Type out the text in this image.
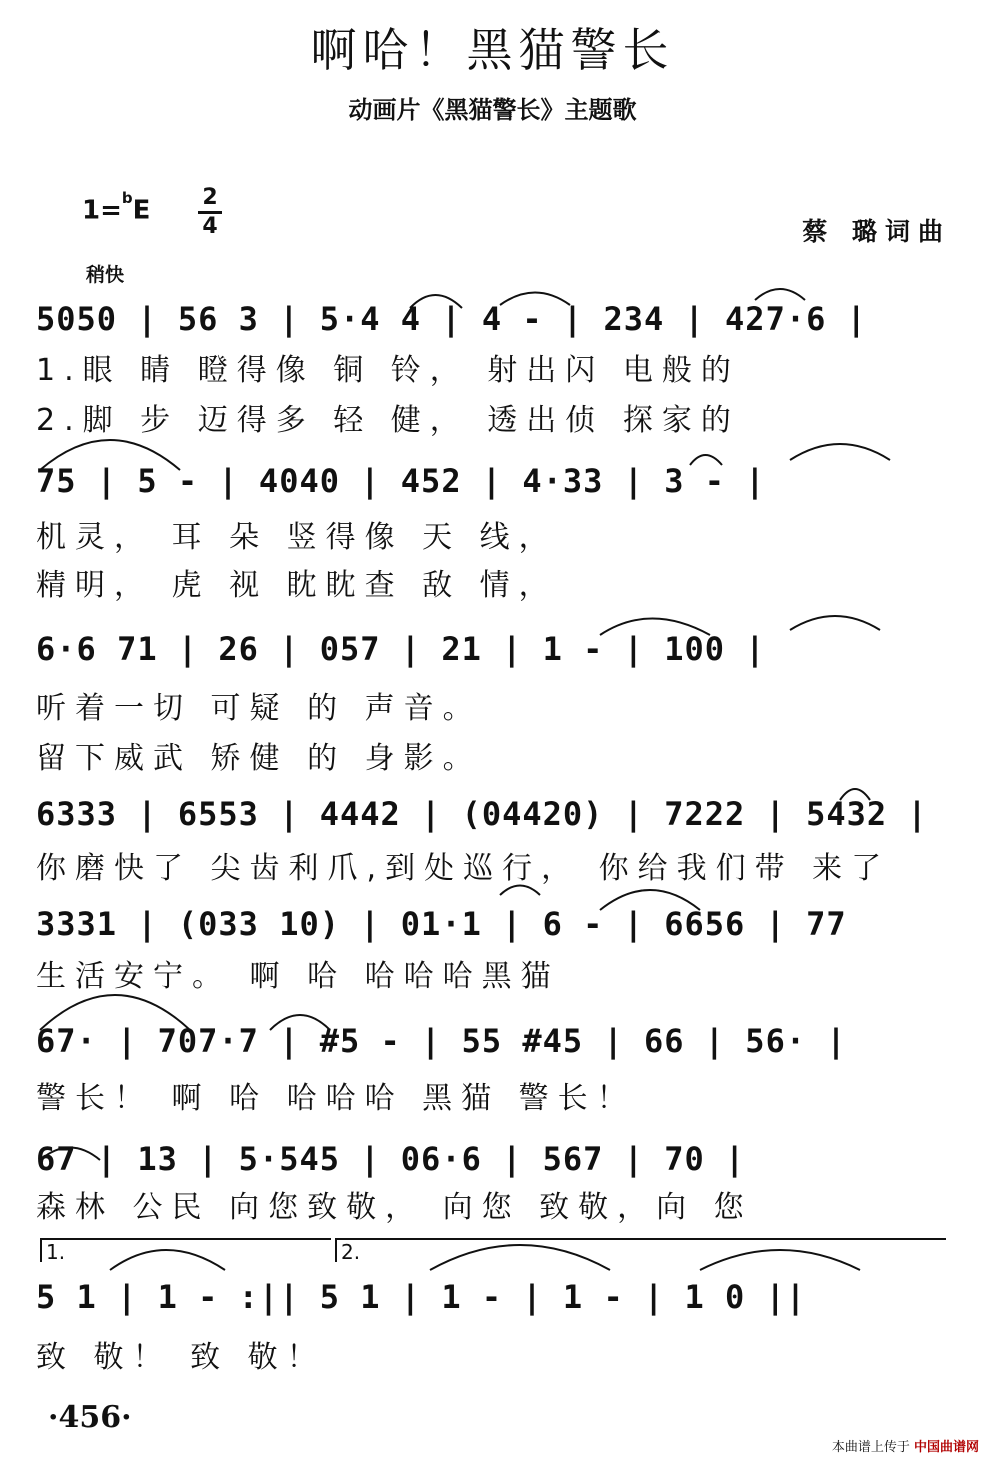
啊哈！黑猫警长
动画片《黑猫警长》主题歌
1=$^b$E 2
4	蔡 璐词曲
稍快
5050 | 56 3 | 5·4 4 | 4 - | 234 | 427·6 |
1.眼 睛 瞪得像 铜 铃， 射出闪 电般的
2.脚 步 迈得多 轻 健， 透出侦 探家的
75 | 5 - | 4040 | 452 | 4·33 | 3 - |
机灵， 耳 朵 竖得像 天 线，
精明， 虎 视 眈眈查 敌 情，
6·6 71 | 26 | 057 | 21 | 1 - | 100 |
听着一切 可疑 的 声音。
留下威武 矫健 的 身影。
6333 | 6553 | 4442 | (04420) | 7222 | 5432 |
你磨快了 尖齿利爪,到处巡行， 你给我们带 来了
3331 | (033 10) | 01·1 | 6 - | 6656 | 77
生活安宁。 啊 哈 哈哈哈黑猫
67· | 707·7 | #5 - | 55 #45 | 66 | 56· |
警长！ 啊 哈 哈哈哈 黑猫 警长！
67 | 13 | 5·545 | 06·6 | 567 | 70 |
森林 公民 向您致敬， 向您 致敬，向 您
1.	2.
5 1 | 1 - :|| 5 1 | 1 - | 1 - | 1 0 ||
致 敬！ 致 敬！
·456·
本曲谱上传于 中国曲谱网
